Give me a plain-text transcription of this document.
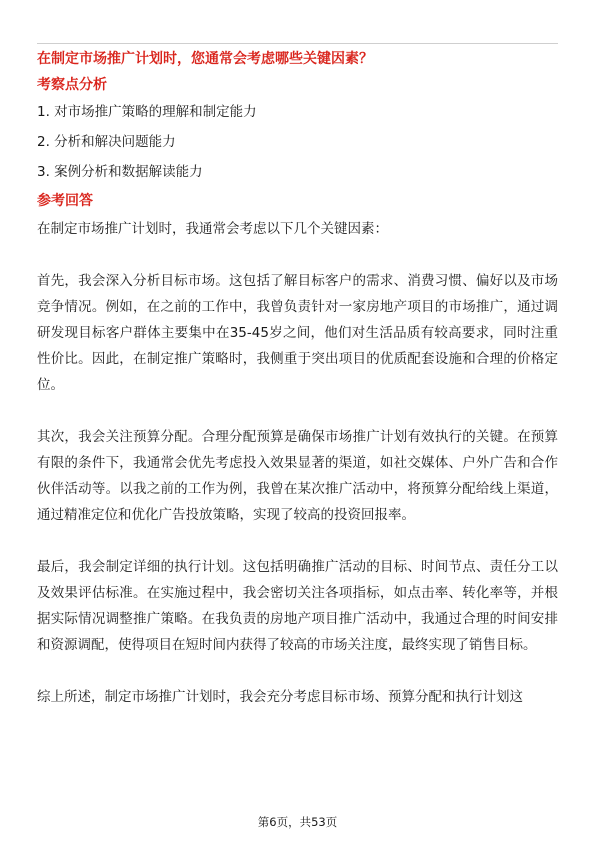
在制定市场推广计划时，您通常会考虑哪些关键因素？

考察点分析

1. 对市场推广策略的理解和制定能力

2. 分析和解决问题能力

3. 案例分析和数据解读能力

参考回答

在制定市场推广计划时，我通常会考虑以下几个关键因素：

首先，我会深入分析目标市场。这包括了解目标客户的需求、消费习惯、偏好以及市场竞争情况。例如，在之前的工作中，我曾负责针对一家房地产项目的市场推广，通过调研发现目标客户群体主要集中在35-45岁之间，他们对生活品质有较高要求，同时注重性价比。因此，在制定推广策略时，我侧重于突出项目的优质配套设施和合理的价格定位。

其次，我会关注预算分配。合理分配预算是确保市场推广计划有效执行的关键。在预算有限的条件下，我通常会优先考虑投入效果显著的渠道，如社交媒体、户外广告和合作伙伴活动等。以我之前的工作为例，我曾在某次推广活动中，将预算分配给线上渠道，通过精准定位和优化广告投放策略，实现了较高的投资回报率。

最后，我会制定详细的执行计划。这包括明确推广活动的目标、时间节点、责任分工以及效果评估标准。在实施过程中，我会密切关注各项指标，如点击率、转化率等，并根据实际情况调整推广策略。在我负责的房地产项目推广活动中，我通过合理的时间安排和资源调配，使得项目在短时间内获得了较高的市场关注度，最终实现了销售目标。

综上所述，制定市场推广计划时，我会充分考虑目标市场、预算分配和执行计划这

第6页，共53页
